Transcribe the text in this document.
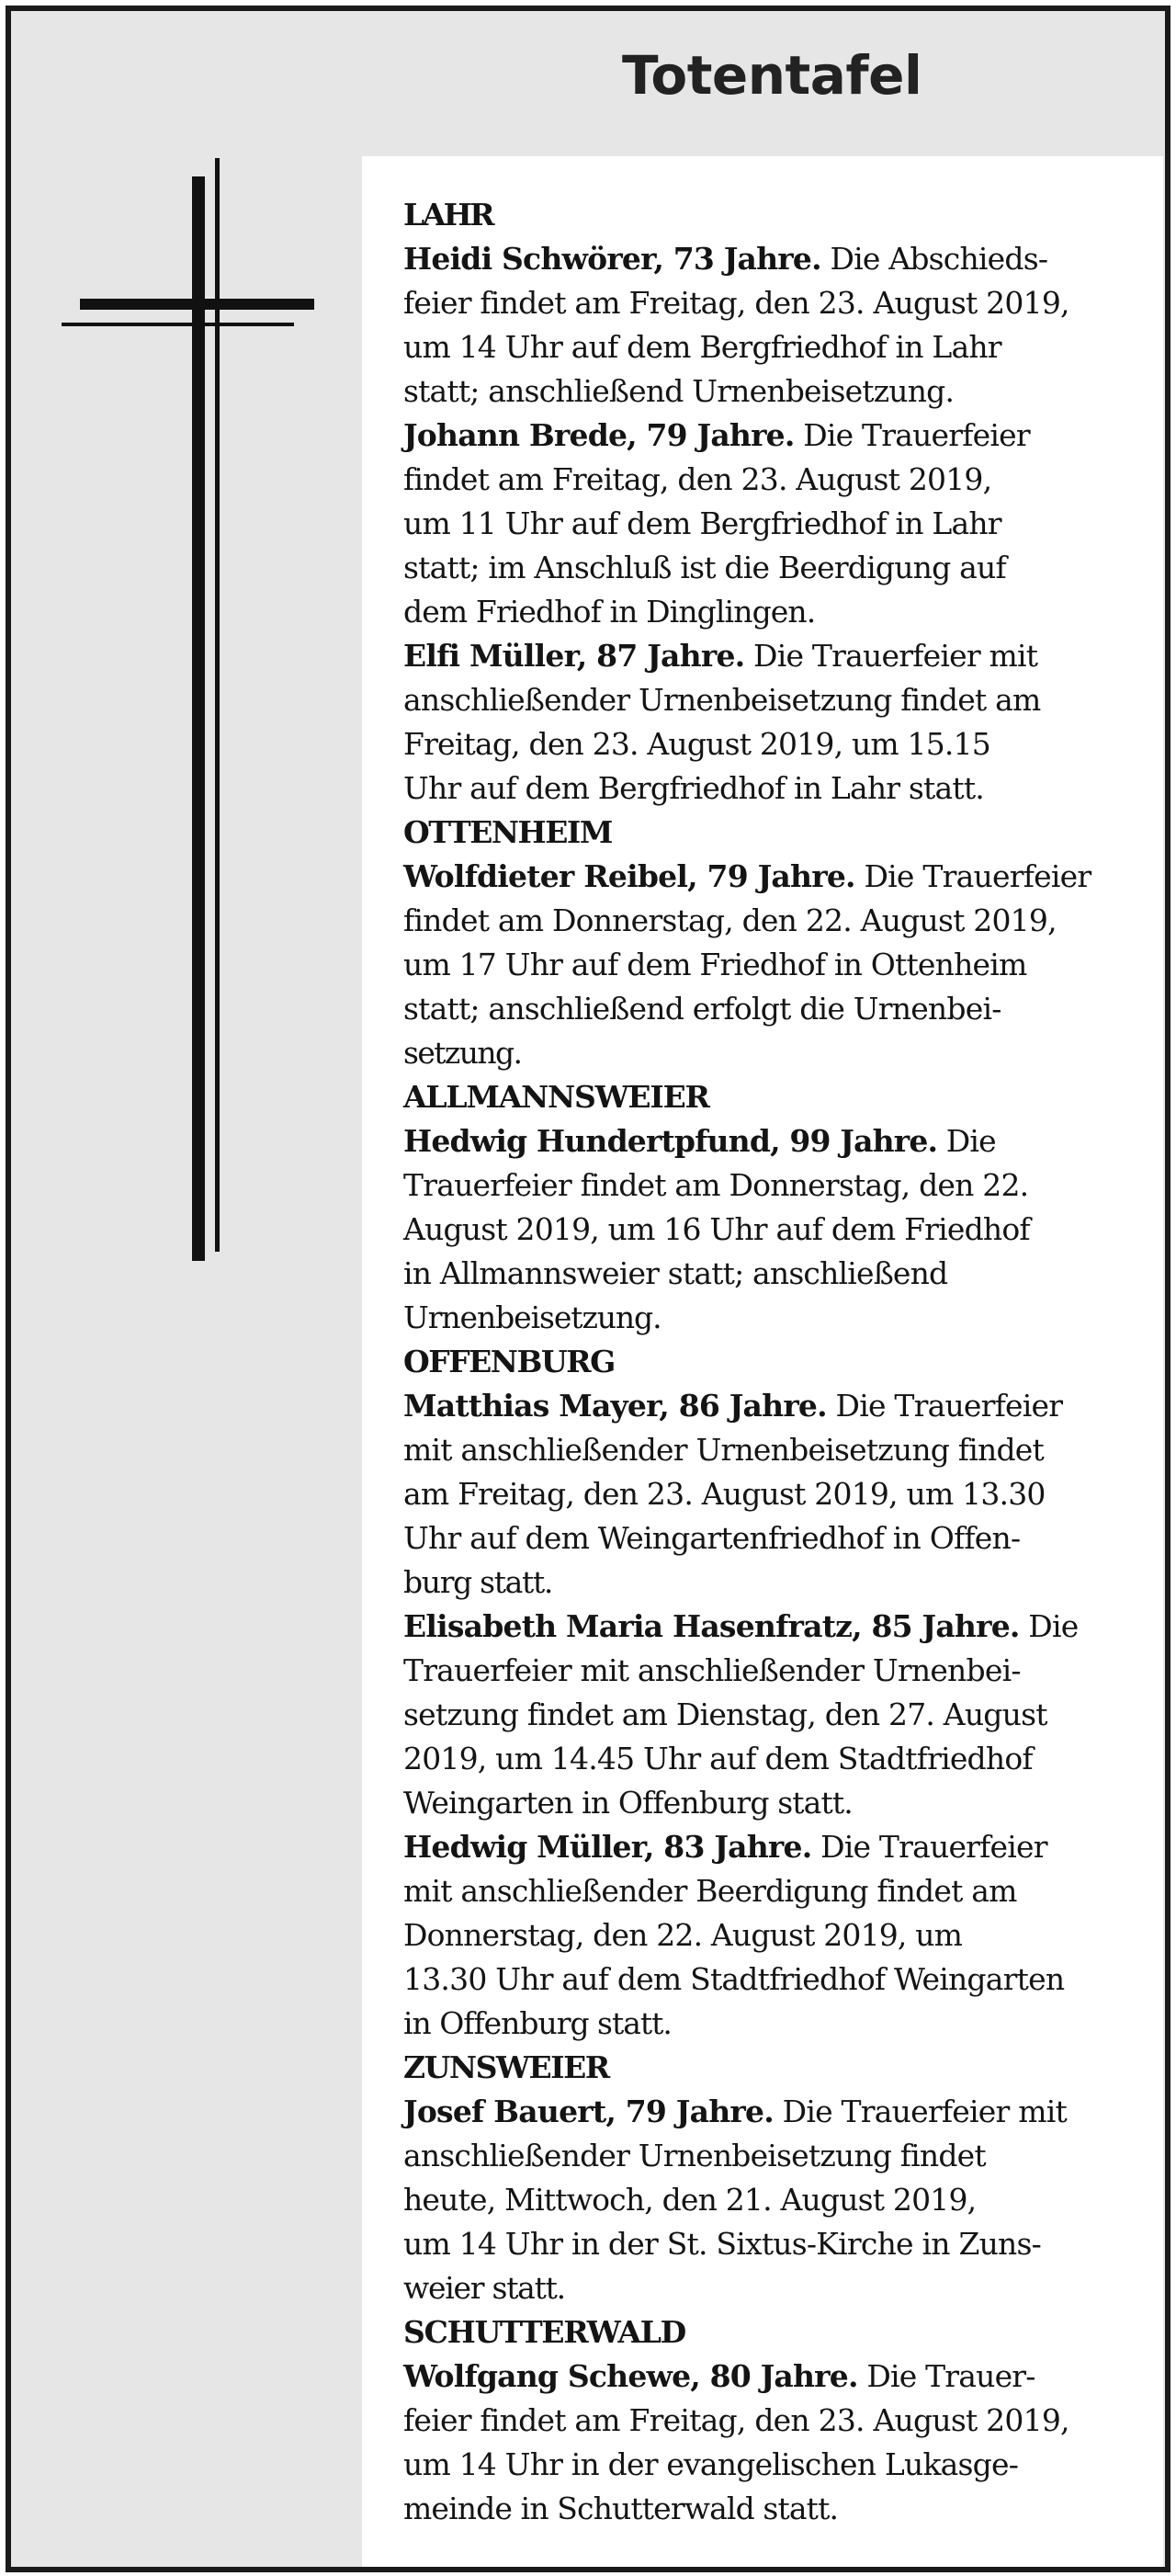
Totentafel
LAHR
Heidi Schwörer, 73 Jahre. Die Abschieds-
feier findet am Freitag, den 23. August 2019,
um 14 Uhr auf dem Bergfriedhof in Lahr
statt; anschließend Urnenbeisetzung.
Johann Brede, 79 Jahre. Die Trauerfeier
findet am Freitag, den 23. August 2019,
um 11 Uhr auf dem Bergfriedhof in Lahr
statt; im Anschluß ist die Beerdigung auf
dem Friedhof in Dinglingen.
Elfi Müller, 87 Jahre. Die Trauerfeier mit
anschließender Urnenbeisetzung findet am
Freitag, den 23. August 2019, um 15.15
Uhr auf dem Bergfriedhof in Lahr statt.
OTTENHEIM
Wolfdieter Reibel, 79 Jahre. Die Trauerfeier
findet am Donnerstag, den 22. August 2019,
um 17 Uhr auf dem Friedhof in Ottenheim
statt; anschließend erfolgt die Urnenbei-
setzung.
ALLMANNSWEIER
Hedwig Hundertpfund, 99 Jahre. Die
Trauerfeier findet am Donnerstag, den 22.
August 2019, um 16 Uhr auf dem Friedhof
in Allmannsweier statt; anschließend
Urnenbeisetzung.
OFFENBURG
Matthias Mayer, 86 Jahre. Die Trauerfeier
mit anschließender Urnenbeisetzung findet
am Freitag, den 23. August 2019, um 13.30
Uhr auf dem Weingartenfriedhof in Offen-
burg statt.
Elisabeth Maria Hasenfratz, 85 Jahre. Die
Trauerfeier mit anschließender Urnenbei-
setzung findet am Dienstag, den 27. August
2019, um 14.45 Uhr auf dem Stadtfriedhof
Weingarten in Offenburg statt.
Hedwig Müller, 83 Jahre. Die Trauerfeier
mit anschließender Beerdigung findet am
Donnerstag, den 22. August 2019, um
13.30 Uhr auf dem Stadtfriedhof Weingarten
in Offenburg statt.
ZUNSWEIER
Josef Bauert, 79 Jahre. Die Trauerfeier mit
anschließender Urnenbeisetzung findet
heute, Mittwoch, den 21. August 2019,
um 14 Uhr in der St. Sixtus-Kirche in Zuns-
weier statt.
SCHUTTERWALD
Wolfgang Schewe, 80 Jahre. Die Trauer-
feier findet am Freitag, den 23. August 2019,
um 14 Uhr in der evangelischen Lukasge-
meinde in Schutterwald statt.
